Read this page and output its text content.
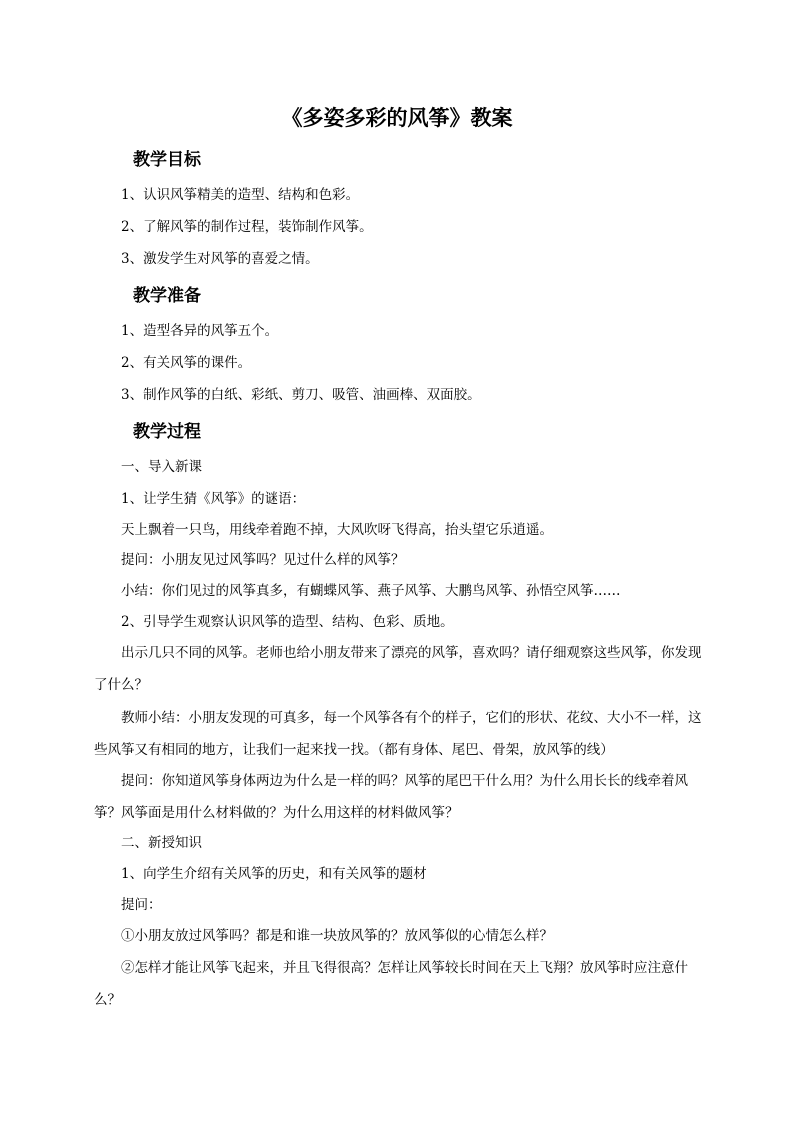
《多姿多彩的风筝》教案
教学目标
1、认识风筝精美的造型、结构和色彩。
2、了解风筝的制作过程，装饰制作风筝。
3、激发学生对风筝的喜爱之情。
教学准备
1、造型各异的风筝五个。
2、有关风筝的课件。
3、制作风筝的白纸、彩纸、剪刀、吸管、油画棒、双面胶。
教学过程
一、导入新课
1、让学生猜《风筝》的谜语：
天上飘着一只鸟，用线牵着跑不掉，大风吹呀飞得高，抬头望它乐逍遥。
提问：小朋友见过风筝吗？见过什么样的风筝？
小结：你们见过的风筝真多，有蝴蝶风筝、燕子风筝、大鹏鸟风筝、孙悟空风筝……
2、引导学生观察认识风筝的造型、结构、色彩、质地。
出示几只不同的风筝。老师也给小朋友带来了漂亮的风筝，喜欢吗？请仔细观察这些风筝，你发现了什么？
教师小结：小朋友发现的可真多，每一个风筝各有个的样子，它们的形状、花纹、大小不一样，这些风筝又有相同的地方，让我们一起来找一找。（都有身体、尾巴、骨架，放风筝的线）
提问：你知道风筝身体两边为什么是一样的吗？风筝的尾巴干什么用？为什么用长长的线牵着风筝？风筝面是用什么材料做的？为什么用这样的材料做风筝？
二、新授知识
1、向学生介绍有关风筝的历史，和有关风筝的题材
提问：
①小朋友放过风筝吗？都是和谁一块放风筝的？放风筝似的心情怎么样？
②怎样才能让风筝飞起来，并且飞得很高？怎样让风筝较长时间在天上飞翔？放风筝时应注意什么？
